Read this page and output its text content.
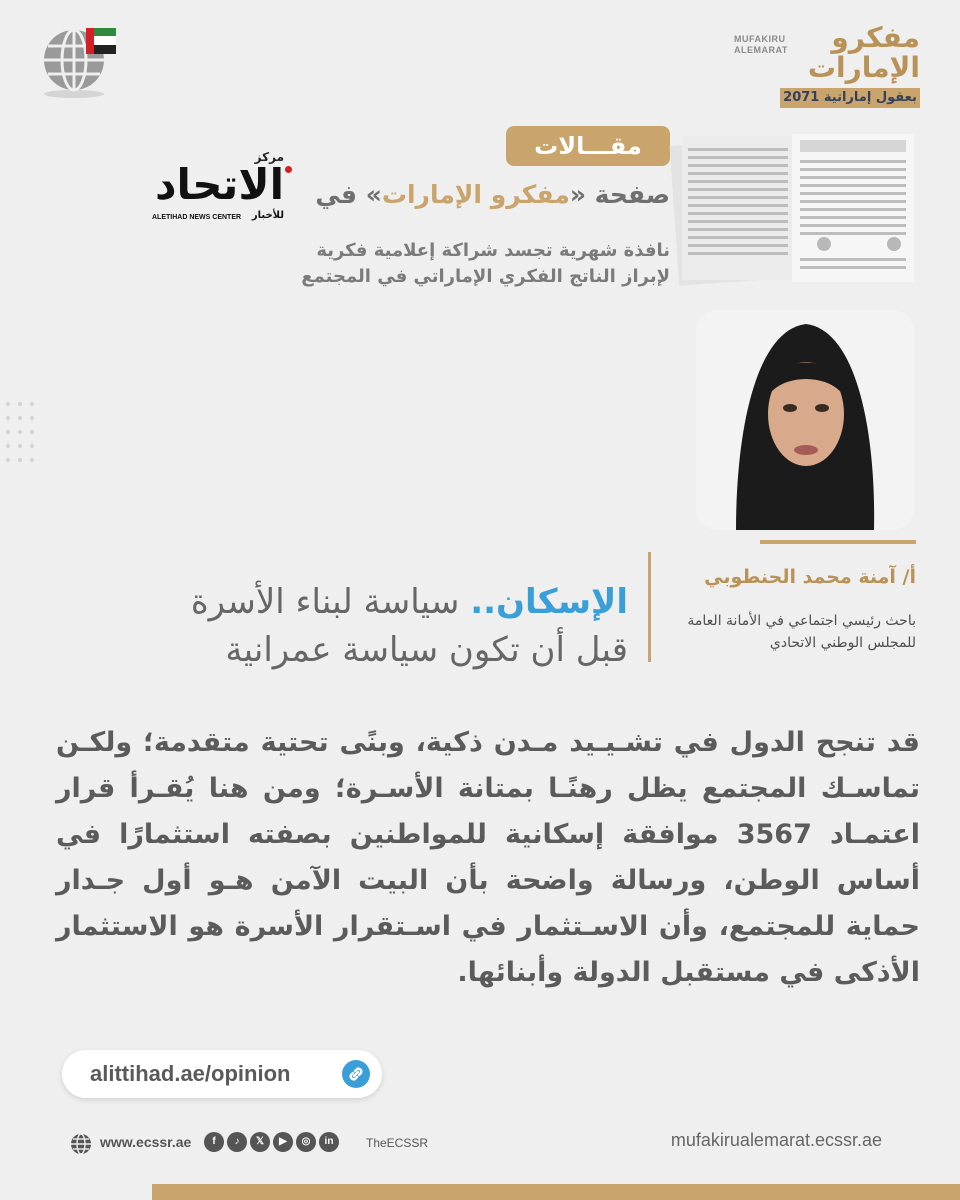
MUFAKIRU
ALEMARAT مفكرو
الإمارات
2071 بعقول إماراتية
مقـــالات
مركز
الاتحاد
ALETIHAD NEWS CENTER للأخبار
صفحة «مفكرو الإمارات» في
نافذة شهرية تجسد شراكة إعلامية فكرية لإبراز الناتج الفكري الإماراتي في المجتمع
أ/ آمنة محمد الحنطوبي
باحث رئيسي اجتماعي في الأمانة العامة للمجلس الوطني الاتحادي
الإسكان.. سياسة لبناء الأسرة
قبل أن تكون سياسة عمرانية
قد تنجح الدول في تشـيـيد مـدن ذكية، وبنًى تحتية متقدمة؛ ولكـن تماسـك المجتمع يظل رهنًـا بمتانة الأسـرة؛ ومن هنا يُقـرأ قرار اعتمـاد 3567 موافقة إسكانية للمواطنين بصفته استثمارًا في أساس الوطن، ورسالة واضحة بأن البيت الآمن هـو أول جـدار حماية للمجتمع، وأن الاسـتثمار في اسـتقرار الأسرة هو الاستثمار الأذكى في مستقبل الدولة وأبنائها.
alittihad.ae/opinion
www.ecssr.ae	f	♪	𝕏	▶	◎	in	TheECSSR	mufakirualemarat.ecssr.ae
